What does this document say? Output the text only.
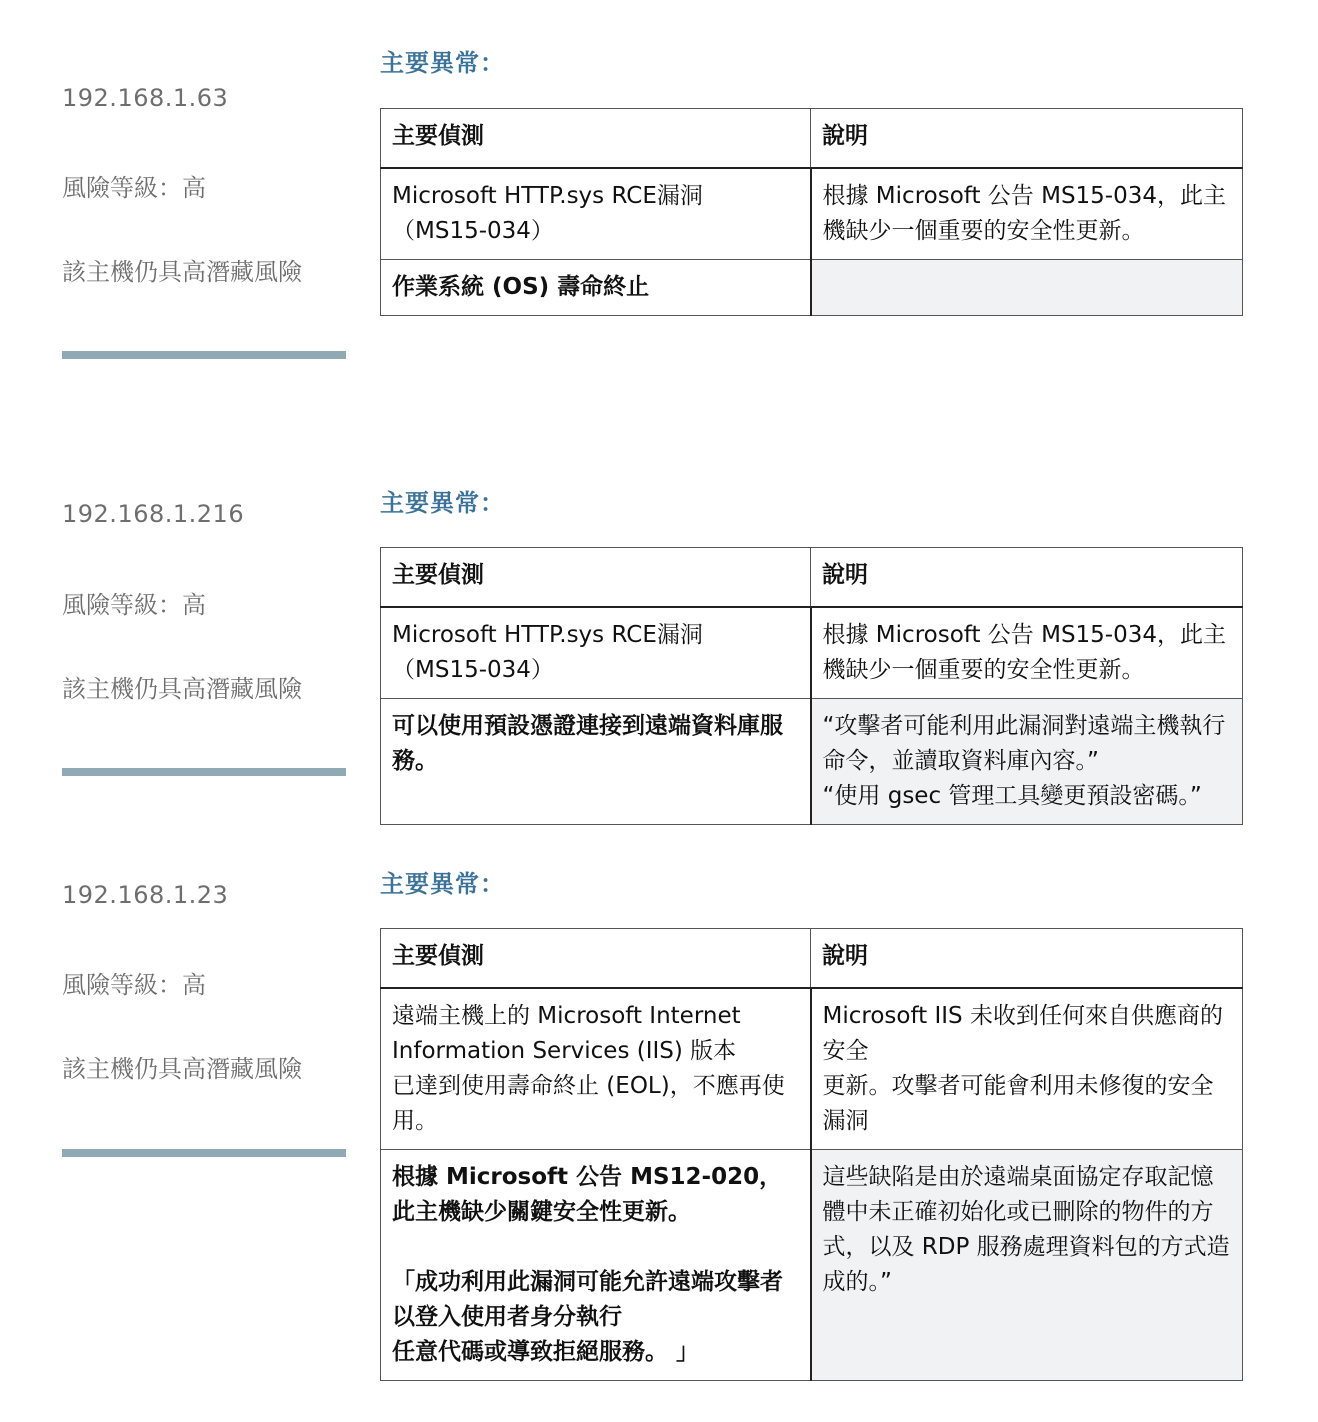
主要異常：
192.168.1.63
風險等級：高
該主機仍具高潛藏風險
主要偵測	說明
Microsoft HTTP.sys RCE漏洞
（MS15-034）	根據 Microsoft 公告 MS15-034，此主機缺少一個重要的安全性更新。
作業系統 (OS) 壽命終止	
主要異常：
192.168.1.216
風險等級：高
該主機仍具高潛藏風險
主要偵測	說明
Microsoft HTTP.sys RCE漏洞
（MS15-034）	根據 Microsoft 公告 MS15-034，此主機缺少一個重要的安全性更新。
可以使用預設憑證連接到遠端資料庫服務。	“攻擊者可能利用此漏洞對遠端主機執行命令，並讀取資料庫內容。”
“使用 gsec 管理工具變更預設密碼。”
主要異常：
192.168.1.23
風險等級：高
該主機仍具高潛藏風險
主要偵測	說明
遠端主機上的 Microsoft Internet Information Services (IIS) 版本
已達到使用壽命終止 (EOL)，不應再使用。	Microsoft IIS 未收到任何來自供應商的安全
更新。攻擊者可能會利用未修復的安全漏洞
根據 Microsoft 公告 MS12-020，此主機缺少關鍵安全性更新。

「成功利用此漏洞可能允許遠端攻擊者以登入使用者身分執行
任意代碼或導致拒絕服務。 」	這些缺陷是由於遠端桌面協定存取記憶體中未正確初始化或已刪除的物件的方式，以及 RDP 服務處理資料包的方式造成的。”
